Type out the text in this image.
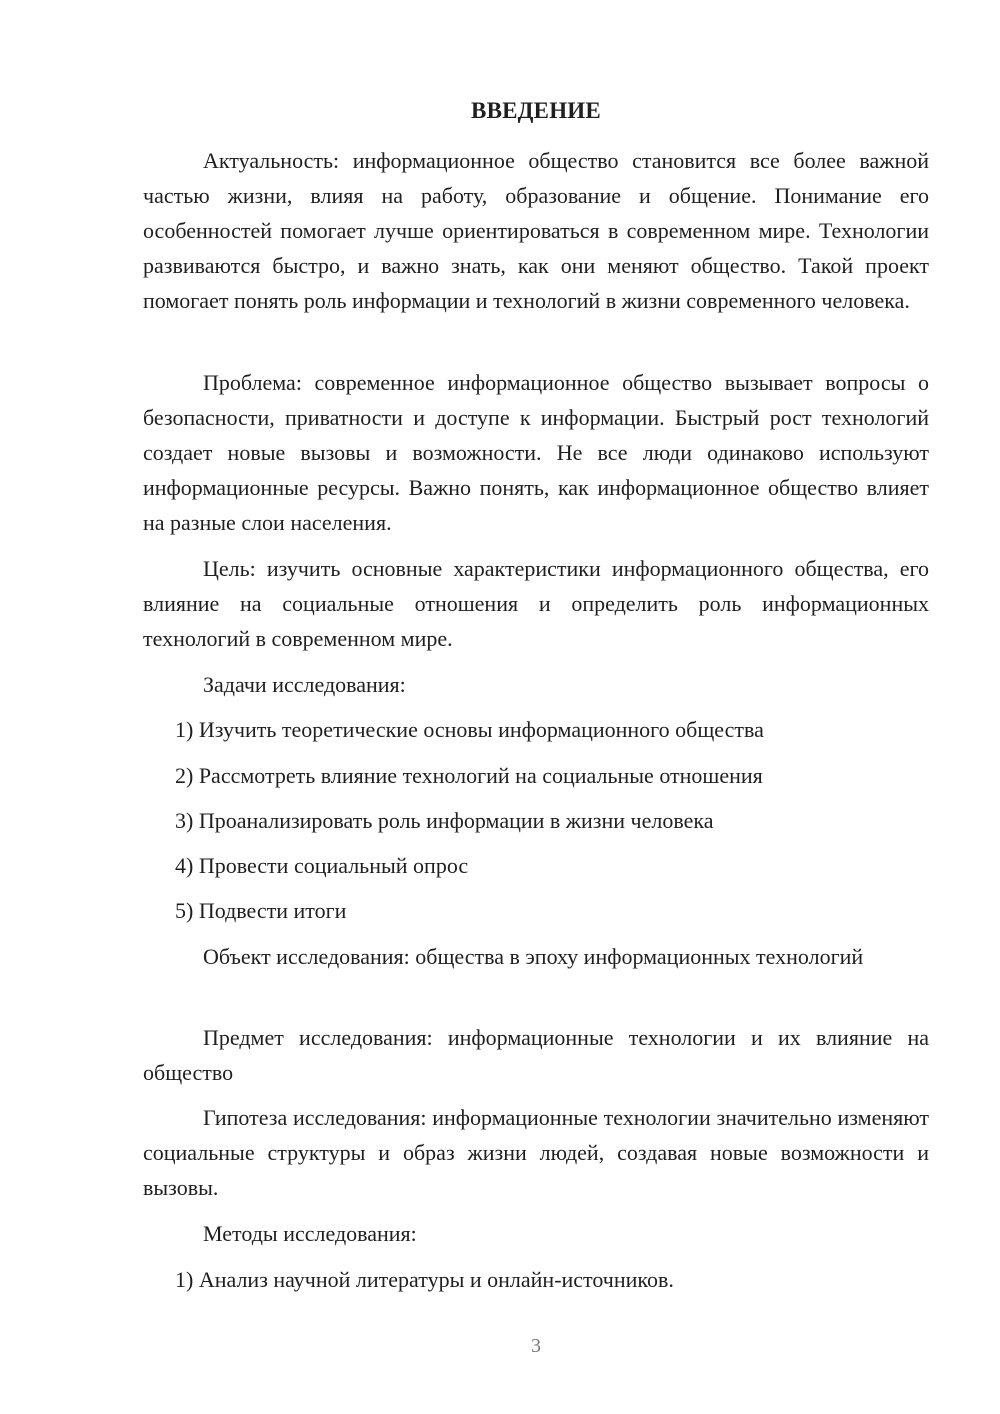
ВВЕДЕНИЕ
Актуальность: информационное общество становится все более важной частью жизни, влияя на работу, образование и общение. Понимание его особенностей помогает лучше ориентироваться в современном мире. Технологии развиваются быстро, и важно знать, как они меняют общество. Такой проект помогает понять роль информации и технологий в жизни современного человека.
Проблема: современное информационное общество вызывает вопросы о безопасности, приватности и доступе к информации. Быстрый рост технологий создает новые вызовы и возможности. Не все люди одинаково используют информационные ресурсы. Важно понять, как информационное общество влияет на разные слои населения.
Цель: изучить основные характеристики информационного общества, его влияние на социальные отношения и определить роль информационных технологий в современном мире.
Задачи исследования:
1) Изучить теоретические основы информационного общества
2) Рассмотреть влияние технологий на социальные отношения
3) Проанализировать роль информации в жизни человека
4) Провести социальный опрос
5) Подвести итоги
Объект исследования: общества в эпоху информационных технологий
Предмет исследования: информационные технологии и их влияние на общество
Гипотеза исследования: информационные технологии значительно изменяют социальные структуры и образ жизни людей, создавая новые возможности и вызовы.
Методы исследования:
1) Анализ научной литературы и онлайн-источников.
3
